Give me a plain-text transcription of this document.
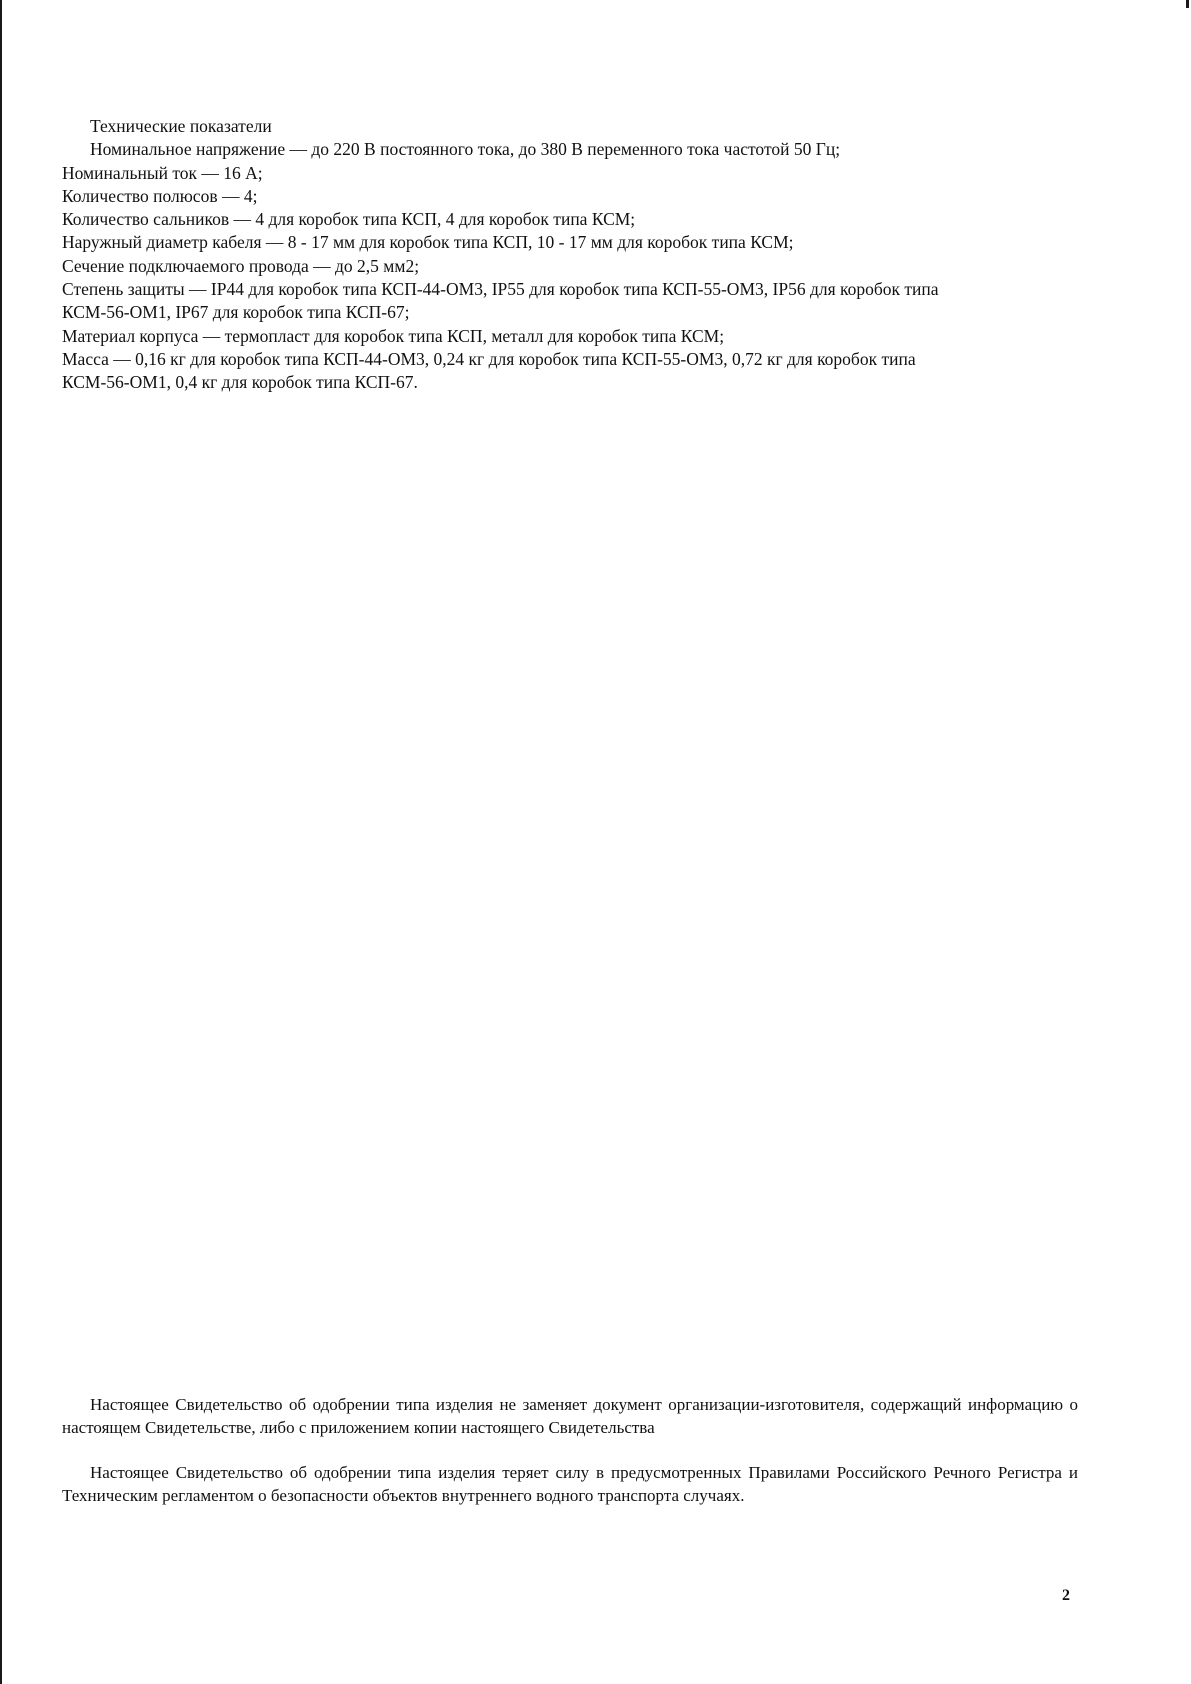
Технические показатели

Номинальное напряжение — до 220 В постоянного тока, до 380 В переменного тока частотой 50 Гц;

Номинальный ток — 16 А;

Количество полюсов — 4;

Количество сальников — 4 для коробок типа КСП, 4 для коробок типа КСМ;

Наружный диаметр кабеля — 8 - 17 мм для коробок типа КСП, 10 - 17 мм для коробок типа КСМ;

Сечение подключаемого провода — до 2,5 мм2;

Степень защиты — IP44 для коробок типа КСП-44-ОМ3, IP55 для коробок типа КСП-55-ОМ3, IP56 для коробок типа

КСМ-56-ОМ1, IP67 для коробок типа КСП-67;

Материал корпуса — термопласт для коробок типа КСП, металл для коробок типа КСМ;

Масса — 0,16 кг для коробок типа КСП-44-ОМ3, 0,24 кг для коробок типа КСП-55-ОМ3, 0,72 кг для коробок типа

КСМ-56-ОМ1, 0,4 кг для коробок типа КСП-67.

Настоящее Свидетельство об одобрении типа изделия не заменяет документ организации-изготовителя, содержащий информацию о настоящем Свидетельстве, либо с приложением копии настоящего Свидетельства

Настоящее Свидетельство об одобрении типа изделия теряет силу в предусмотренных Правилами Российского Речного Регистра и Техническим регламентом о безопасности объектов внутреннего водного транспорта случаях.

2
